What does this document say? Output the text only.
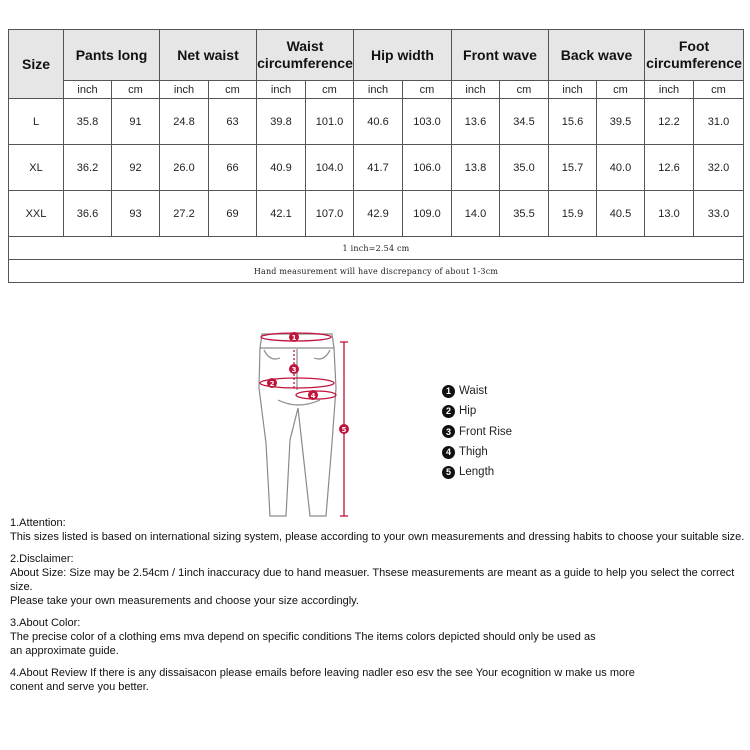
Size	Pants long		Net waist		Waist circumference		Hip width		Front wave		Back wave		Foot circumference	
	inch	cm	inch	cm	inch	cm	inch	cm	inch	cm	inch	cm	inch	cm
L	35.8	91	24.8	63	39.8	101.0	40.6	103.0	13.6	34.5	15.6	39.5	12.2	31.0
XL	36.2	92	26.0	66	40.9	104.0	41.7	106.0	13.8	35.0	15.7	40.0	12.6	32.0
XXL	36.6	93	27.2	69	42.1	107.0	42.9	109.0	14.0	35.5	15.9	40.5	13.0	33.0
1 inch=2.54 cm														
Hand measurement will have discrepancy of about 1-3cm														
1
2
3
4
5
1 Waist
2 Hip
3 Front Rise
4 Thigh
5 Length

1.Attention:

This sizes listed is based on international sizing system, please according to your own measurements and dressing habits to choose your suitable size.

2.Disclaimer:

About Size: Size may be 2.54cm / 1inch inaccuracy due to hand measuer. Thsese measurements are meant as a guide to help you select the correct size.

Please take your own measurements and choose your size accordingly.

3.About Color:

The precise color of a clothing ems mva depend on specific conditions The items colors depicted should only be used as

an approximate guide.

4.About Review If there is any dissaisacon please emails before leaving nadler eso esv the see Your ecognition w make us more

conent and serve you better.
